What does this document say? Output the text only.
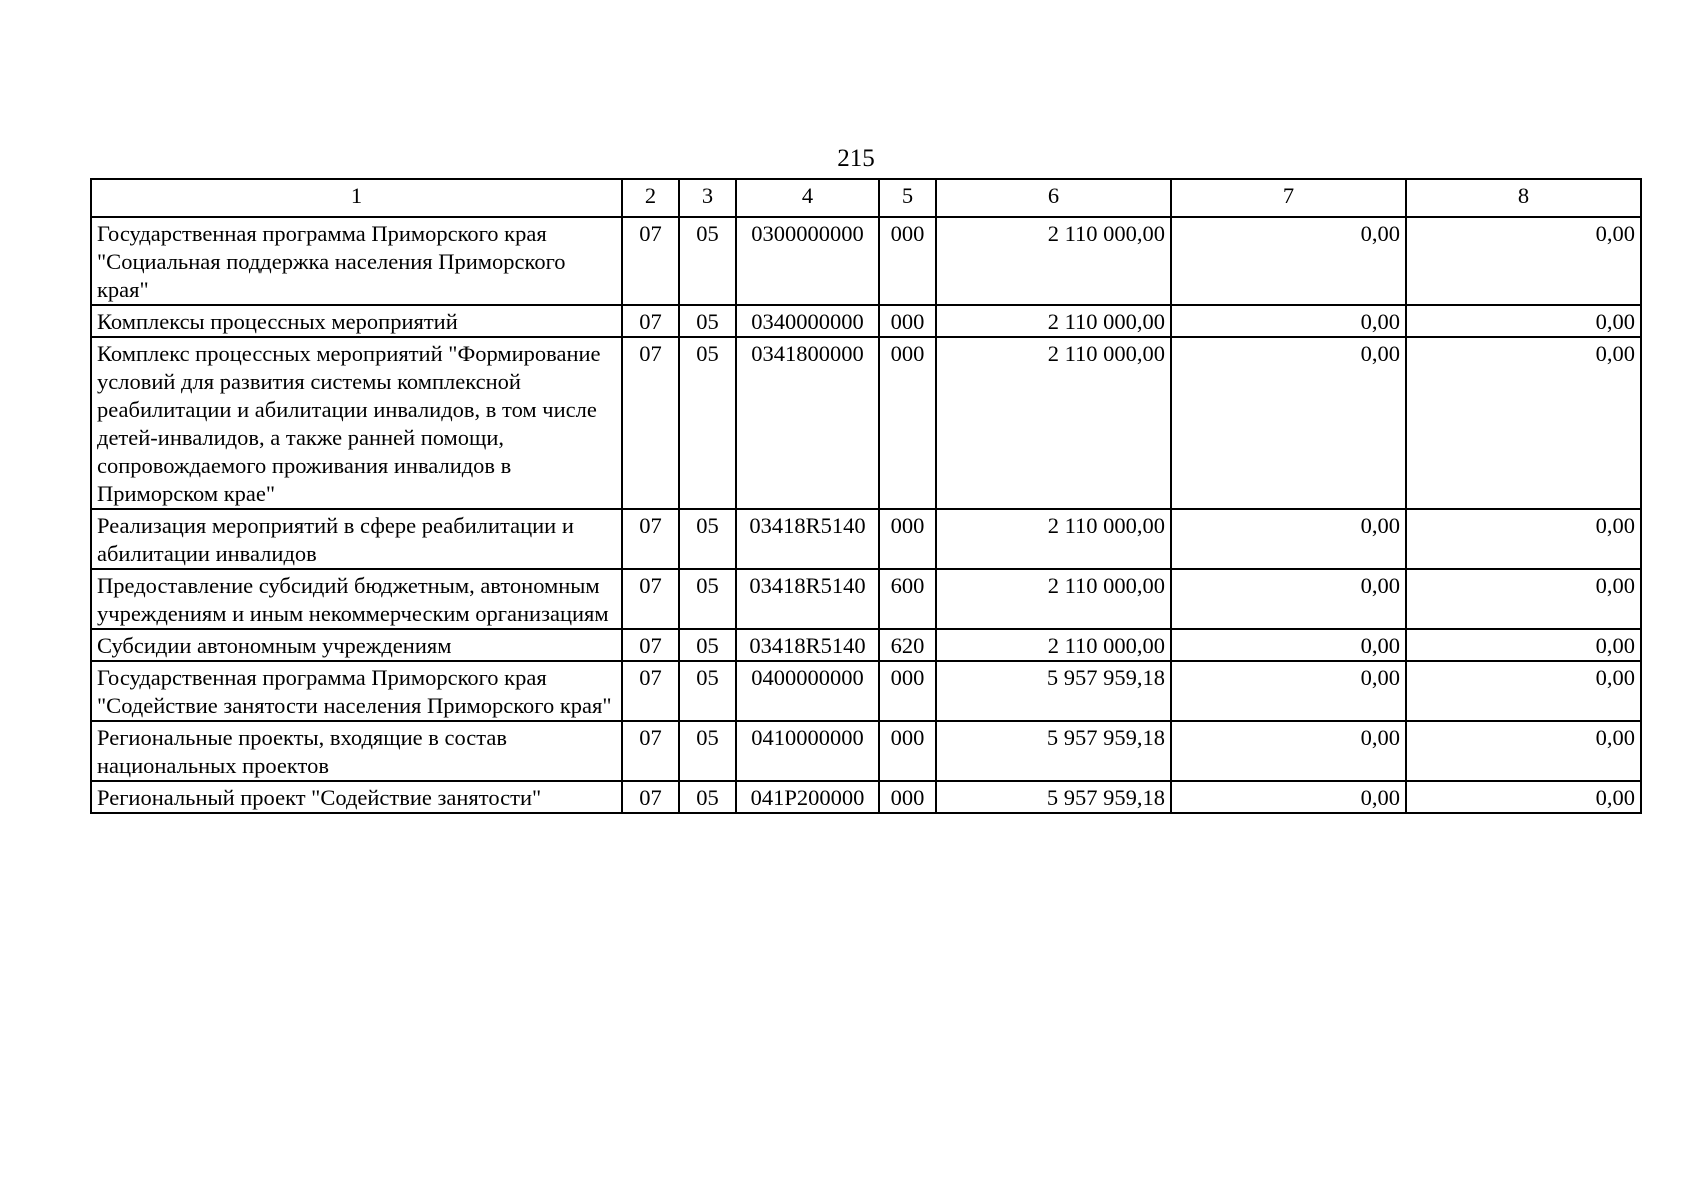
215
1	2	3	4	5	6	7	8
Государственная программа Приморского края "Социальная поддержка населения Приморского края"	07	05	0300000000	000	2 110 000,00	0,00	0,00
Комплексы процессных мероприятий	07	05	0340000000	000	2 110 000,00	0,00	0,00
Комплекс процессных мероприятий "Формирование условий для развития системы комплексной реабилитации и абилитации инвалидов, в том числе детей-инвалидов, а также ранней помощи, сопровождаемого проживания инвалидов в Приморском крае"	07	05	0341800000	000	2 110 000,00	0,00	0,00
Реализация мероприятий в сфере реабилитации и абилитации инвалидов	07	05	03418R5140	000	2 110 000,00	0,00	0,00
Предоставление субсидий бюджетным, автономным учреждениям и иным некоммерческим организациям	07	05	03418R5140	600	2 110 000,00	0,00	0,00
Субсидии автономным учреждениям	07	05	03418R5140	620	2 110 000,00	0,00	0,00
Государственная программа Приморского края "Содействие занятости населения Приморского края"	07	05	0400000000	000	5 957 959,18	0,00	0,00
Региональные проекты, входящие в состав национальных проектов	07	05	0410000000	000	5 957 959,18	0,00	0,00
Региональный проект "Содействие занятости"	07	05	041P200000	000	5 957 959,18	0,00	0,00
